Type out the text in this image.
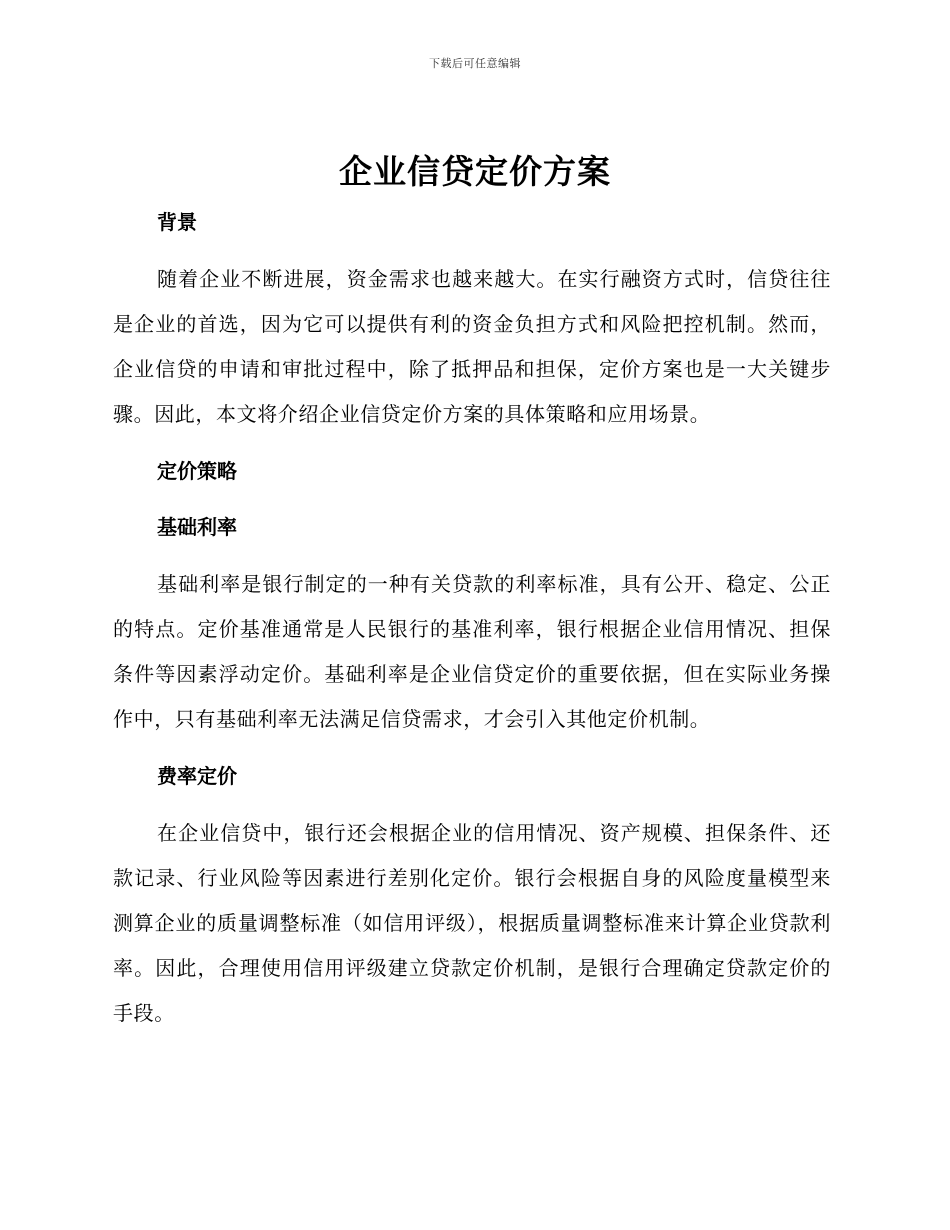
下载后可任意编辑
企业信贷定价方案
背景

随着企业不断进展，资金需求也越来越大。在实行融资方式时，信贷往往是企业的首选，因为它可以提供有利的资金负担方式和风险把控机制。然而，企业信贷的申请和审批过程中，除了抵押品和担保，定价方案也是一大关键步骤。因此，本文将介绍企业信贷定价方案的具体策略和应用场景。

定价策略
基础利率

基础利率是银行制定的一种有关贷款的利率标准，具有公开、稳定、公正的特点。定价基准通常是人民银行的基准利率，银行根据企业信用情况、担保条件等因素浮动定价。基础利率是企业信贷定价的重要依据，但在实际业务操作中，只有基础利率无法满足信贷需求，才会引入其他定价机制。

费率定价

在企业信贷中，银行还会根据企业的信用情况、资产规模、担保条件、还款记录、行业风险等因素进行差别化定价。银行会根据自身的风险度量模型来测算企业的质量调整标准（如信用评级），根据质量调整标准来计算企业贷款利率。因此，合理使用信用评级建立贷款定价机制，是银行合理确定贷款定价的手段。
